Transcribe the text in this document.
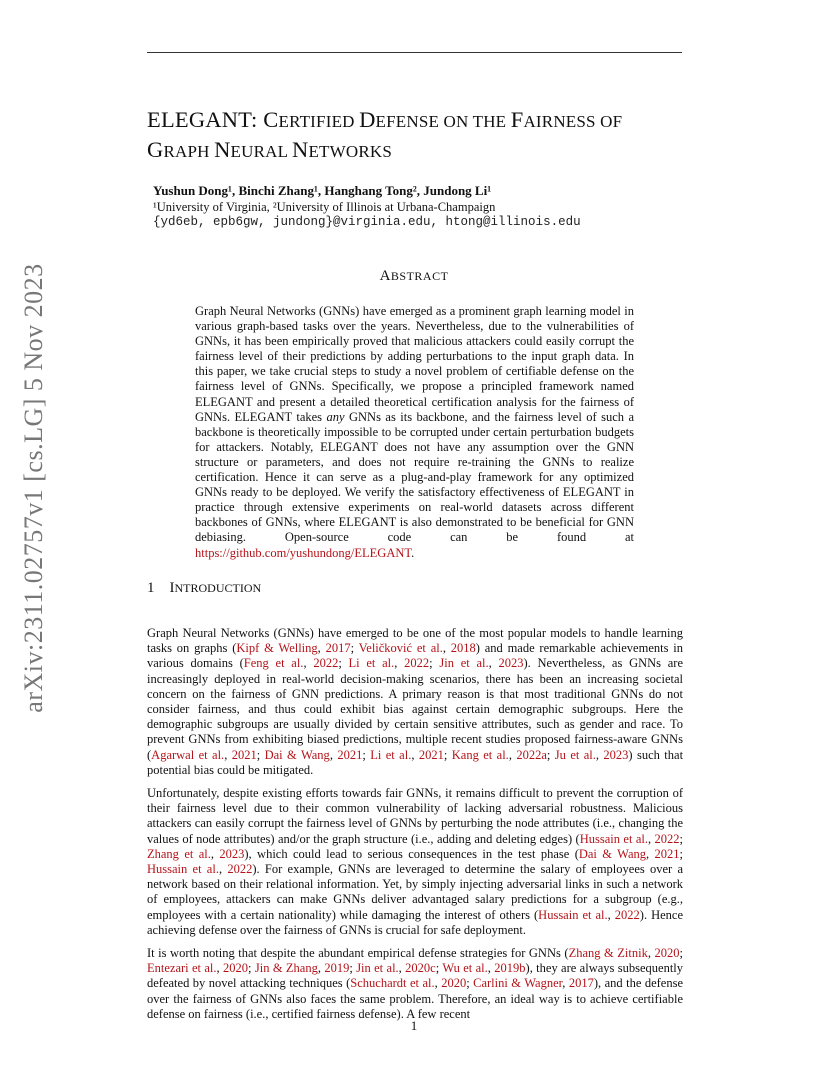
ELEGANT: CERTIFIED DEFENSE ON THE FAIRNESS OF
GRAPH NEURAL NETWORKS
Yushun Dong¹, Binchi Zhang¹, Hanghang Tong², Jundong Li¹
¹University of Virginia, ²University of Illinois at Urbana-Champaign
{yd6eb, epb6gw, jundong}@virginia.edu, htong@illinois.edu
ABSTRACT
Graph Neural Networks (GNNs) have emerged as a prominent graph learning model in various graph-based tasks over the years. Nevertheless, due to the vulnerabilities of GNNs, it has been empirically proved that malicious attackers could easily corrupt the fairness level of their predictions by adding perturbations to the input graph data. In this paper, we take crucial steps to study a novel problem of certifiable defense on the fairness level of GNNs. Specifically, we propose a principled framework named ELEGANT and present a detailed theoretical certification analysis for the fairness of GNNs. ELEGANT takes any GNNs as its backbone, and the fairness level of such a backbone is theoretically impossible to be corrupted under certain perturbation budgets for attackers. Notably, ELEGANT does not have any assumption over the GNN structure or parameters, and does not require re-training the GNNs to realize certification. Hence it can serve as a plug-and-play framework for any optimized GNNs ready to be deployed. We verify the satisfactory effectiveness of ELEGANT in practice through extensive experiments on real-world datasets across different backbones of GNNs, where ELEGANT is also demonstrated to be beneficial for GNN debiasing. Open-source code can be found at https://github.com/yushundong/ELEGANT.
1 INTRODUCTION

Graph Neural Networks (GNNs) have emerged to be one of the most popular models to handle learning tasks on graphs (Kipf & Welling, 2017; Veličković et al., 2018) and made remarkable achievements in various domains (Feng et al., 2022; Li et al., 2022; Jin et al., 2023). Nevertheless, as GNNs are increasingly deployed in real-world decision-making scenarios, there has been an increasing societal concern on the fairness of GNN predictions. A primary reason is that most traditional GNNs do not consider fairness, and thus could exhibit bias against certain demographic subgroups. Here the demographic subgroups are usually divided by certain sensitive attributes, such as gender and race. To prevent GNNs from exhibiting biased predictions, multiple recent studies proposed fairness-aware GNNs (Agarwal et al., 2021; Dai & Wang, 2021; Li et al., 2021; Kang et al., 2022a; Ju et al., 2023) such that potential bias could be mitigated.

Unfortunately, despite existing efforts towards fair GNNs, it remains difficult to prevent the corruption of their fairness level due to their common vulnerability of lacking adversarial robustness. Malicious attackers can easily corrupt the fairness level of GNNs by perturbing the node attributes (i.e., changing the values of node attributes) and/or the graph structure (i.e., adding and deleting edges) (Hussain et al., 2022; Zhang et al., 2023), which could lead to serious consequences in the test phase (Dai & Wang, 2021; Hussain et al., 2022). For example, GNNs are leveraged to determine the salary of employees over a network based on their relational information. Yet, by simply injecting adversarial links in such a network of employees, attackers can make GNNs deliver advantaged salary predictions for a subgroup (e.g., employees with a certain nationality) while damaging the interest of others (Hussain et al., 2022). Hence achieving defense over the fairness of GNNs is crucial for safe deployment.

It is worth noting that despite the abundant empirical defense strategies for GNNs (Zhang & Zitnik, 2020; Entezari et al., 2020; Jin & Zhang, 2019; Jin et al., 2020c; Wu et al., 2019b), they are always subsequently defeated by novel attacking techniques (Schuchardt et al., 2020; Carlini & Wagner, 2017), and the defense over the fairness of GNNs also faces the same problem. Therefore, an ideal way is to achieve certifiable defense on fairness (i.e., certified fairness defense). A few recent

arXiv:2311.02757v1 [cs.LG] 5 Nov 2023
1
